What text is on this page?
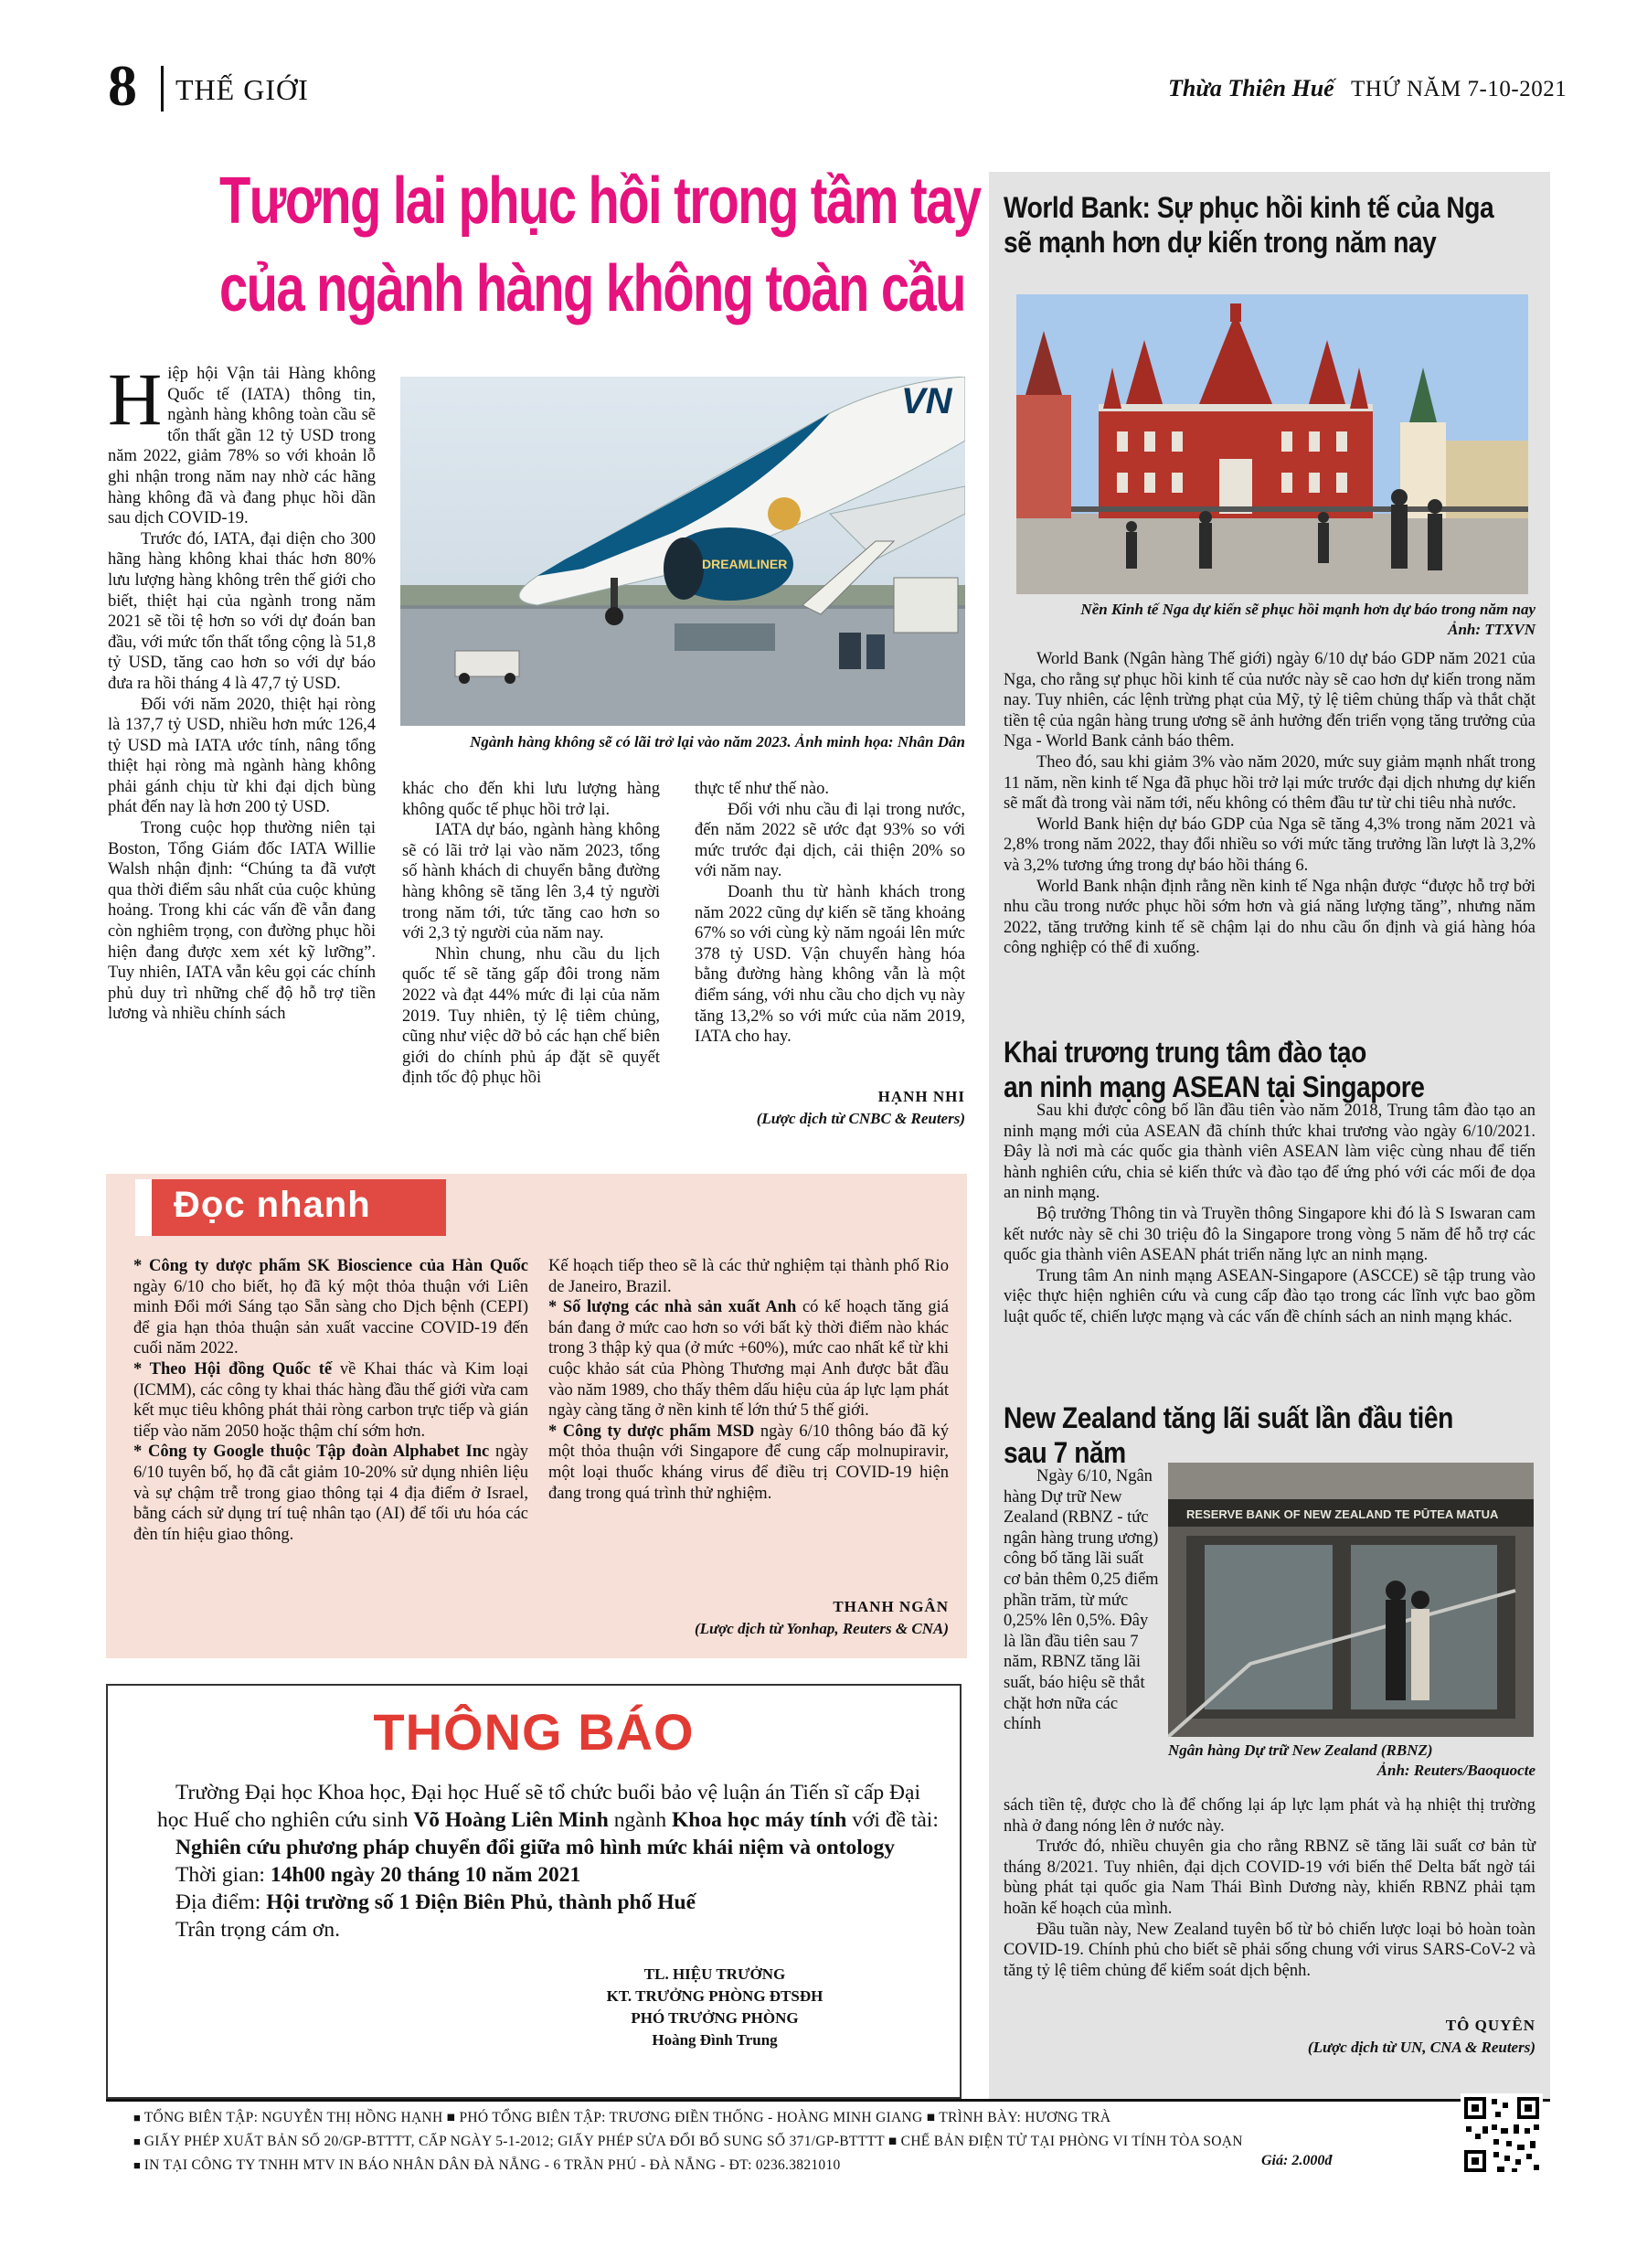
8 THẾ GIỚI	Thừa Thiên Huế THỨ NĂM 7-10-2021
Tương lai phục hồi trong tầm tay
của ngành hàng không toàn cầu
H iệp hội Vận tải Hàng không Quốc tế (IATA) thông tin, ngành hàng không toàn cầu sẽ tổn thất gần 12 tỷ USD trong năm 2022, giảm 78% so với khoản lỗ ghi nhận trong năm nay nhờ các hãng hàng không đã và đang phục hồi dần sau dịch COVID-19.

Trước đó, IATA, đại diện cho 300 hãng hàng không khai thác hơn 80% lưu lượng hàng không trên thế giới cho biết, thiệt hại của ngành trong năm 2021 sẽ tồi tệ hơn so với dự đoán ban đầu, với mức tổn thất tổng cộng là 51,8 tỷ USD, tăng cao hơn so với dự báo đưa ra hồi tháng 4 là 47,7 tỷ USD.

Đối với năm 2020, thiệt hại ròng là 137,7 tỷ USD, nhiều hơn mức 126,4 tỷ USD mà IATA ước tính, nâng tổng thiệt hại ròng mà ngành hàng không phải gánh chịu từ khi đại dịch bùng phát đến nay là hơn 200 tỷ USD.

Trong cuộc họp thường niên tại Boston, Tổng Giám đốc IATA Willie Walsh nhận định: “Chúng ta đã vượt qua thời điểm sâu nhất của cuộc khủng hoảng. Trong khi các vấn đề vẫn đang còn nghiêm trọng, con đường phục hồi hiện đang được xem xét kỹ lưỡng”. Tuy nhiên, IATA vẫn kêu gọi các chính phủ duy trì những chế độ hỗ trợ tiền lương và nhiều chính sách

DREAMLINER
VN
Ngành hàng không sẽ có lãi trở lại vào năm 2023. Ảnh minh họa: Nhân Dân

khác cho đến khi lưu lượng hàng không quốc tế phục hồi trở lại.

IATA dự báo, ngành hàng không sẽ có lãi trở lại vào năm 2023, tổng số hành khách di chuyển bằng đường hàng không sẽ tăng lên 3,4 tỷ người trong năm tới, tức tăng cao hơn so với 2,3 tỷ người của năm nay.

Nhìn chung, nhu cầu du lịch quốc tế sẽ tăng gấp đôi trong năm 2022 và đạt 44% mức đi lại của năm 2019. Tuy nhiên, tỷ lệ tiêm chủng, cũng như việc dỡ bỏ các hạn chế biên giới do chính phủ áp đặt sẽ quyết định tốc độ phục hồi

thực tế như thế nào.

Đối với nhu cầu đi lại trong nước, đến năm 2022 sẽ ước đạt 93% so với mức trước đại dịch, cải thiện 20% so với năm nay.

Doanh thu từ hành khách trong năm 2022 cũng dự kiến sẽ tăng khoảng 67% so với cùng kỳ năm ngoái lên mức 378 tỷ USD. Vận chuyển hàng hóa bằng đường hàng không vẫn là một điểm sáng, với nhu cầu cho dịch vụ này tăng 13,2% so với mức của năm 2019, IATA cho hay.

HẠNH NHI
(Lược dịch từ CNBC & Reuters)
Đọc nhanh

* Công ty dược phẩm SK Bioscience của Hàn Quốc ngày 6/10 cho biết, họ đã ký một thỏa thuận với Liên minh Đổi mới Sáng tạo Sẵn sàng cho Dịch bệnh (CEPI) để gia hạn thỏa thuận sản xuất vaccine COVID-19 đến cuối năm 2022.

* Theo Hội đồng Quốc tế về Khai thác và Kim loại (ICMM), các công ty khai thác hàng đầu thế giới vừa cam kết mục tiêu không phát thải ròng carbon trực tiếp và gián tiếp vào năm 2050 hoặc thậm chí sớm hơn.

* Công ty Google thuộc Tập đoàn Alphabet Inc ngày 6/10 tuyên bố, họ đã cắt giảm 10-20% sử dụng nhiên liệu và sự chậm trễ trong giao thông tại 4 địa điểm ở Israel, bằng cách sử dụng trí tuệ nhân tạo (AI) để tối ưu hóa các đèn tín hiệu giao thông.

Kế hoạch tiếp theo sẽ là các thử nghiệm tại thành phố Rio de Janeiro, Brazil.

* Số lượng các nhà sản xuất Anh có kế hoạch tăng giá bán đang ở mức cao hơn so với bất kỳ thời điểm nào khác trong 3 thập kỷ qua (ở mức +60%), mức cao nhất kể từ khi cuộc khảo sát của Phòng Thương mại Anh được bắt đầu vào năm 1989, cho thấy thêm dấu hiệu của áp lực lạm phát ngày càng tăng ở nền kinh tế lớn thứ 5 thế giới.

* Công ty dược phẩm MSD ngày 6/10 thông báo đã ký một thỏa thuận với Singapore để cung cấp molnupiravir, một loại thuốc kháng virus để điều trị COVID-19 hiện đang trong quá trình thử nghiệm.

THANH NGÂN
(Lược dịch từ Yonhap, Reuters & CNA)
THÔNG BÁO

Trường Đại học Khoa học, Đại học Huế sẽ tổ chức buổi bảo vệ luận án Tiến sĩ cấp Đại học Huế cho nghiên cứu sinh Võ Hoàng Liên Minh ngành Khoa học máy tính với đề tài:

Nghiên cứu phương pháp chuyển đổi giữa mô hình mức khái niệm và ontology

Thời gian: 14h00 ngày 20 tháng 10 năm 2021

Địa điểm: Hội trường số 1 Điện Biên Phủ, thành phố Huế

Trân trọng cám ơn.

TL. HIỆU TRƯỞNG
KT. TRƯỞNG PHÒNG ĐTSĐH
PHÓ TRƯỞNG PHÒNG
Hoàng Đình Trung
World Bank: Sự phục hồi kinh tế của Nga
sẽ mạnh hơn dự kiến trong năm nay
Nền Kinh tế Nga dự kiến sẽ phục hồi mạnh hơn dự báo trong năm nay
Ảnh: TTXVN

World Bank (Ngân hàng Thế giới) ngày 6/10 dự báo GDP năm 2021 của Nga, cho rằng sự phục hồi kinh tế của nước này sẽ cao hơn dự kiến trong năm nay. Tuy nhiên, các lệnh trừng phạt của Mỹ, tỷ lệ tiêm chủng thấp và thắt chặt tiền tệ của ngân hàng trung ương sẽ ảnh hưởng đến triển vọng tăng trưởng của Nga - World Bank cảnh báo thêm.

Theo đó, sau khi giảm 3% vào năm 2020, mức suy giảm mạnh nhất trong 11 năm, nền kinh tế Nga đã phục hồi trở lại mức trước đại dịch nhưng dự kiến sẽ mất đà trong vài năm tới, nếu không có thêm đầu tư từ chi tiêu nhà nước.

World Bank hiện dự báo GDP của Nga sẽ tăng 4,3% trong năm 2021 và 2,8% trong năm 2022, thay đổi nhiều so với mức tăng trưởng lần lượt là 3,2% và 3,2% tương ứng trong dự báo hồi tháng 6.

World Bank nhận định rằng nền kinh tế Nga nhận được “được hỗ trợ bởi nhu cầu trong nước phục hồi sớm hơn và giá năng lượng tăng”, nhưng năm 2022, tăng trưởng kinh tế sẽ chậm lại do nhu cầu ổn định và giá hàng hóa công nghiệp có thể đi xuống.

Khai trương trung tâm đào tạo
an ninh mạng ASEAN tại Singapore

Sau khi được công bố lần đầu tiên vào năm 2018, Trung tâm đào tạo an ninh mạng mới của ASEAN đã chính thức khai trương vào ngày 6/10/2021. Đây là nơi mà các quốc gia thành viên ASEAN làm việc cùng nhau để tiến hành nghiên cứu, chia sẻ kiến thức và đào tạo để ứng phó với các mối đe dọa an ninh mạng.

Bộ trưởng Thông tin và Truyền thông Singapore khi đó là S Iswaran cam kết nước này sẽ chi 30 triệu đô la Singapore trong vòng 5 năm để hỗ trợ các quốc gia thành viên ASEAN phát triển năng lực an ninh mạng.

Trung tâm An ninh mạng ASEAN-Singapore (ASCCE) sẽ tập trung vào việc thực hiện nghiên cứu và cung cấp đào tạo trong các lĩnh vực bao gồm luật quốc tế, chiến lược mạng và các vấn đề chính sách an ninh mạng khác.

New Zealand tăng lãi suất lần đầu tiên
sau 7 năm
RESERVE BANK OF NEW ZEALAND TE PŪTEA MATUA
Ngân hàng Dự trữ New Zealand (RBNZ)
Ảnh: Reuters/Baoquocte

Ngày 6/10, Ngân hàng Dự trữ New Zealand (RBNZ - tức ngân hàng trung ương) công bố tăng lãi suất cơ bản thêm 0,25 điểm phần trăm, từ mức 0,25% lên 0,5%. Đây là lần đầu tiên sau 7 năm, RBNZ tăng lãi suất, báo hiệu sẽ thắt chặt hơn nữa các chính

sách tiền tệ, được cho là để chống lại áp lực lạm phát và hạ nhiệt thị trường nhà ở đang nóng lên ở nước này.

Trước đó, nhiều chuyên gia cho rằng RBNZ sẽ tăng lãi suất cơ bản từ tháng 8/2021. Tuy nhiên, đại dịch COVID-19 với biến thể Delta bất ngờ tái bùng phát tại quốc gia Nam Thái Bình Dương này, khiến RBNZ phải tạm hoãn kế hoạch của mình.

Đầu tuần này, New Zealand tuyên bố từ bỏ chiến lược loại bỏ hoàn toàn COVID-19. Chính phủ cho biết sẽ phải sống chung với virus SARS-CoV-2 và tăng tỷ lệ tiêm chủng để kiểm soát dịch bệnh.

TÔ QUYÊN
(Lược dịch từ UN, CNA & Reuters)
■ TỔNG BIÊN TẬP: NGUYỄN THỊ HỒNG HẠNH ■ PHÓ TỔNG BIÊN TẬP: TRƯƠNG ĐIỀN THỐNG - HOÀNG MINH GIANG ■ TRÌNH BÀY: HƯƠNG TRÀ
■ GIẤY PHÉP XUẤT BẢN SỐ 20/GP-BTTTT, CẤP NGÀY 5-1-2012; GIẤY PHÉP SỬA ĐỔI BỔ SUNG SỐ 371/GP-BTTTT ■ CHẾ BẢN ĐIỆN TỬ TẠI PHÒNG VI TÍNH TÒA SOẠN
■ IN TẠI CÔNG TY TNHH MTV IN BÁO NHÂN DÂN ĐÀ NẴNG - 6 TRẦN PHÚ - ĐÀ NẴNG - ĐT: 0236.3821010	Giá: 2.000đ
